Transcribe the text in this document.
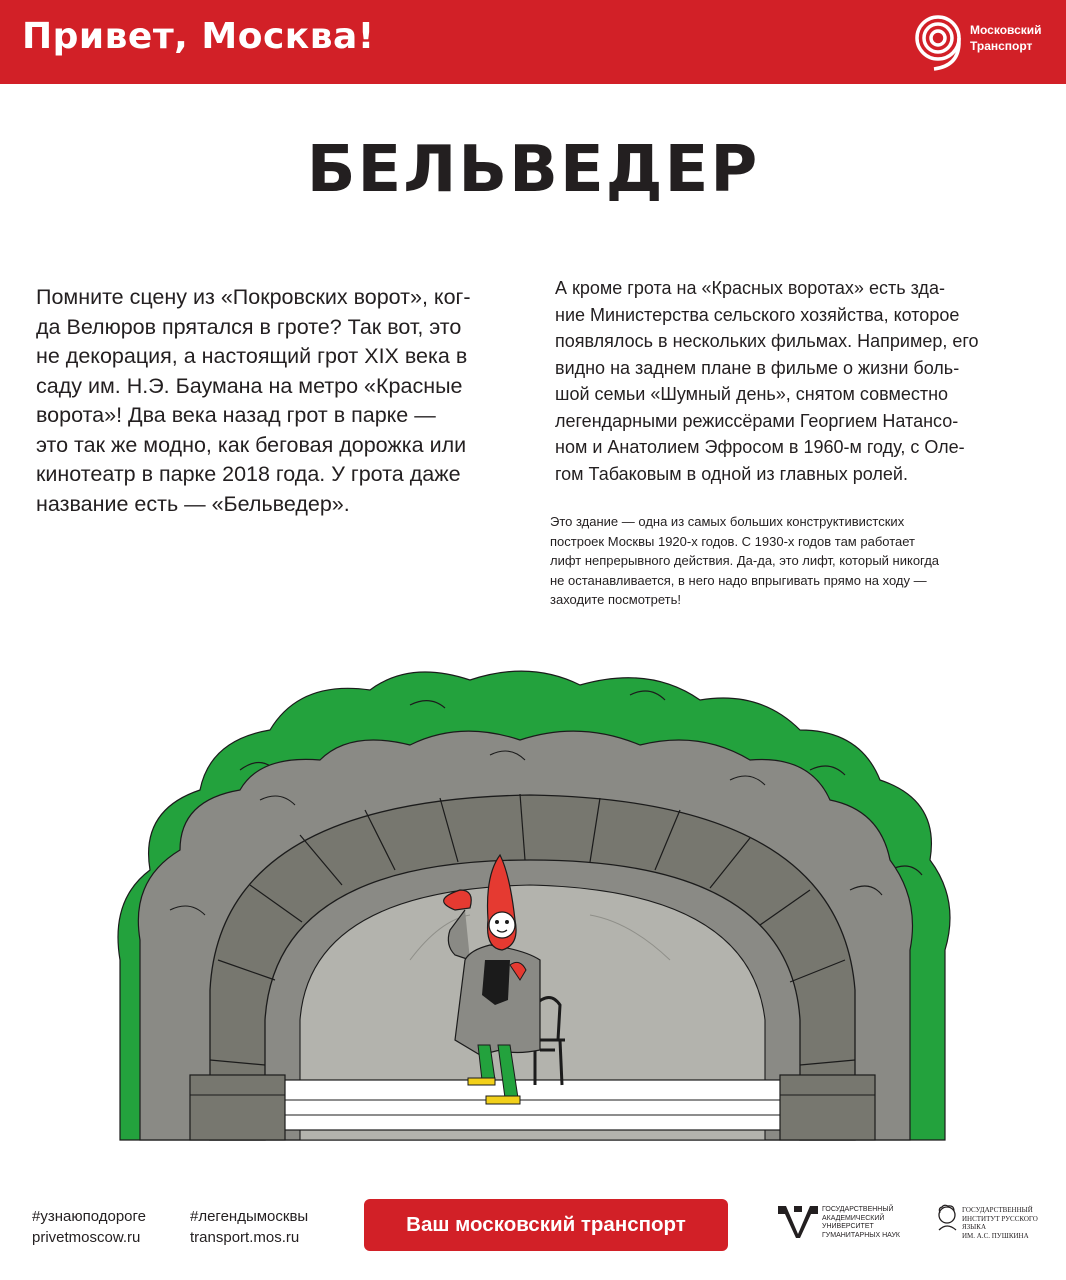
Привет, Москва!	Московский
Транспорт
БЕЛЬВЕДЕР

Помните сцену из «Покровских ворот», ког-

да Велюров прятался в гроте? Так вот, это

не декорация, а настоящий грот XIX века в

саду им. Н.Э. Баумана на метро «Красные

ворота»! Два века назад грот в парке —

это так же модно, как беговая дорожка или

кинотеатр в парке 2018 года. У грота даже

название есть — «Бельведер».

А кроме грота на «Красных воротах» есть зда-

ние Министерства сельского хозяйства, которое

появлялось в нескольких фильмах. Например, его

видно на заднем плане в фильме о жизни боль-

шой семьи «Шумный день», снятом совместно

легендарными режиссёрами Георгием Натансо-

ном и Анатолием Эфросом в 1960-м году, с Оле-

гом Табаковым в одной из главных ролей.

Это здание — одна из самых больших конструктивистских

построек Москвы 1920-х годов. С 1930-х годов там работает

лифт непрерывного действия. Да-да, это лифт, который никогда

не останавливается, в него надо впрыгивать прямо на ходу —

заходите посмотреть!

#узнаюподороге
privetmoscow.ru
#легендымосквы
transport.mos.ru
Ваш московский транспорт
ГОСУДАРСТВЕННЫЙ
АКАДЕМИЧЕСКИЙ
УНИВЕРСИТЕТ
ГУМАНИТАРНЫХ НАУК
ГОСУДАРСТВЕННЫЙ
ИНСТИТУТ РУССКОГО ЯЗЫКА
ИМ. А.С. ПУШКИНА
